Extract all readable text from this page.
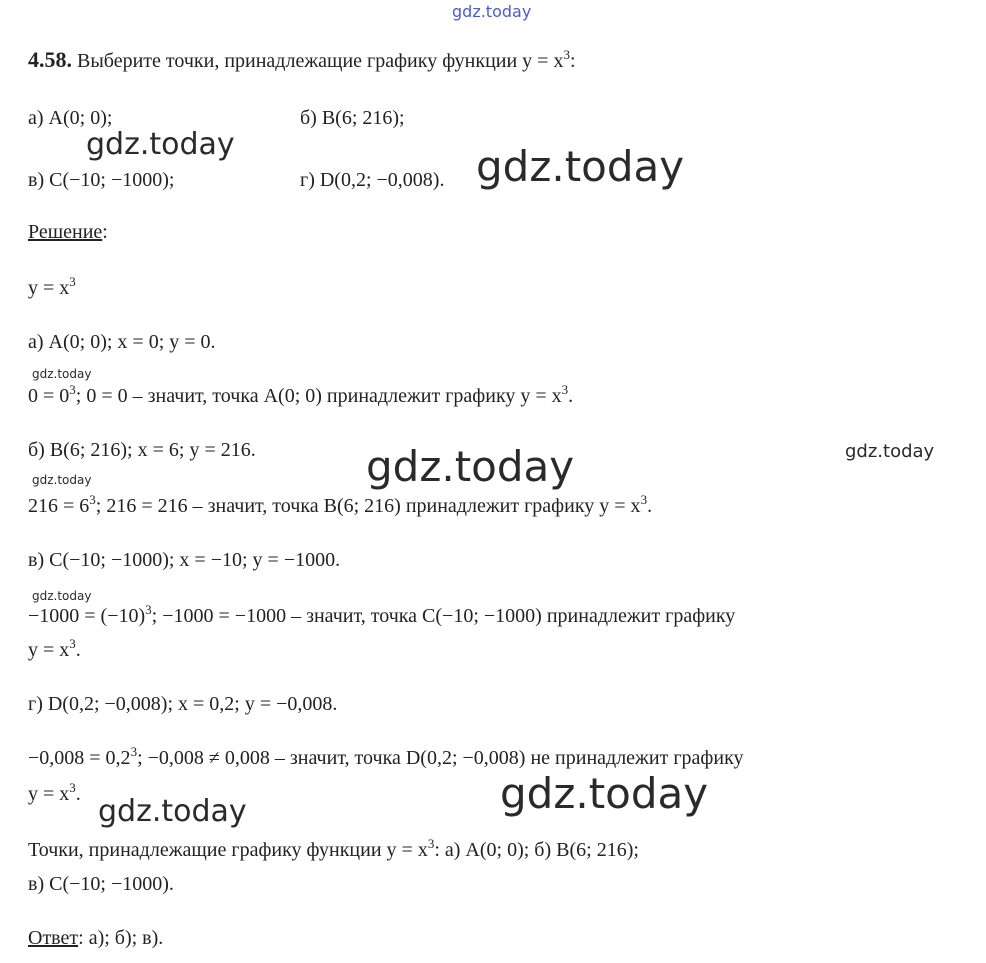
gdz.today
gdz.today	gdz.today
gdz.today
gdz.today	gdz.today
gdz.today
gdz.today
gdz.today	gdz.today
4.58. Выберите точки, принадлежащие графику функции $y = x^3$:
а) A(0; 0);	б) B(6; 216);
в) C(−10; −1000);	г) D(0,2; −0,008).
Решение:
$y = x^3$
а) A(0; 0); x = 0; y = 0.
$0 = 0^3$; 0 = 0 – значит, точка A(0; 0) принадлежит графику $y = x^3$.
б) B(6; 216); x = 6; y = 216.
$216 = 6^3$; 216 = 216 – значит, точка B(6; 216) принадлежит графику $y = x^3$.
в) C(−10; −1000); x = −10; y = −1000.
$-1000 = (-10)^3$; −1000 = −1000 – значит, точка C(−10; −1000) принадлежит графику
$y = x^3$.
г) D(0,2; −0,008); x = 0,2; y = −0,008.
$-0,008 = 0,2^3$; −0,008 ≠ 0,008 – значит, точка D(0,2; −0,008) не принадлежит графику
$y = x^3$.
Точки, принадлежащие графику функции $y = x^3$: а) A(0; 0); б) B(6; 216);
в) C(−10; −1000).
Ответ: а); б); в).
